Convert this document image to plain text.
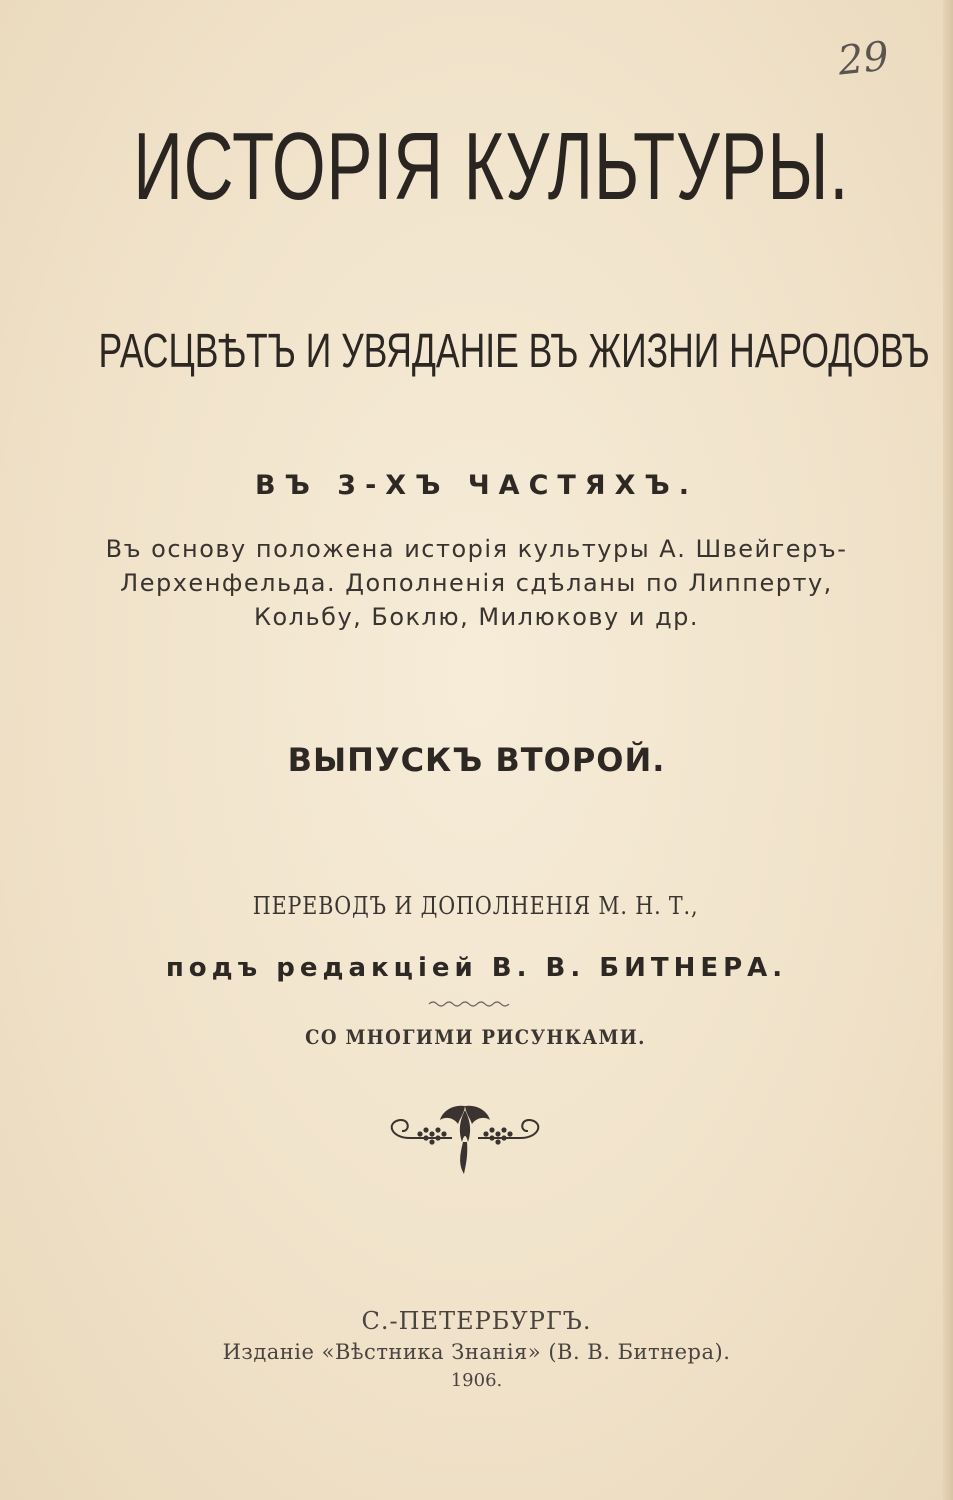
29
ИСТОРІЯ КУЛЬТУРЫ.
РАСЦВѢТЪ И УВЯДАНІЕ ВЪ ЖИЗНИ НАРОДОВЪ
ВЪ 3-ХЪ ЧАСТЯХЪ.
Въ основу положена исторія культуры А. Швейгеръ-
Лерхенфельда. Дополненія сдѣланы по Липперту,
Кольбу, Боклю, Милюкову и др.
ВЫПУСКЪ ВТОРОЙ.
ПЕРЕВОДЪ И ДОПОЛНЕНІЯ М. Н. Т.,
подъ редакціей В. В. БИТНЕРА.
СО МНОГИМИ РИСУНКАМИ.
С.-ПЕТЕРБУРГЪ.
Изданіе «Вѣстника Знанія» (В. В. Битнера).
1906.
